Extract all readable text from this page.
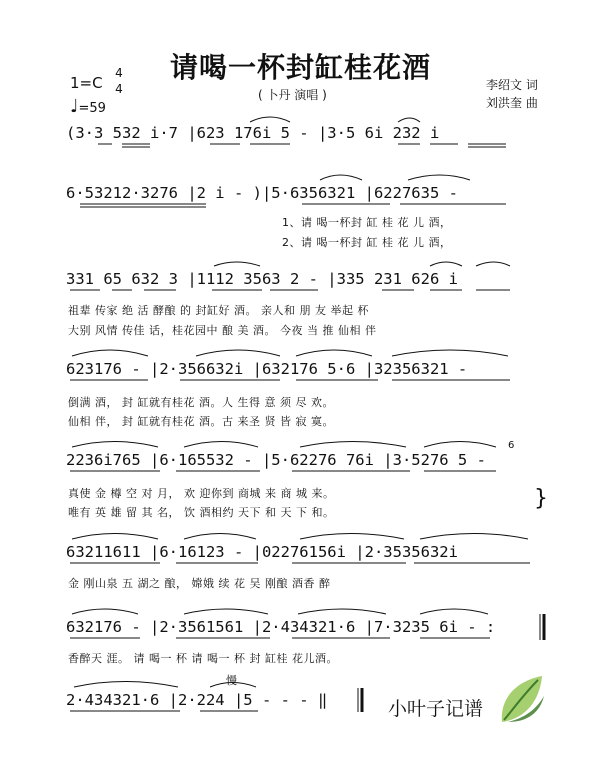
请喝一杯封缸桂花酒
( 卜丹 演唱 )
李绍文 词
刘洪奎 曲
1=C
4
4
♩=59
(3·3 532 i·7 |623 176i 5 - |3·5 6i 232 i
6·53212·3276 |2 i - )|5·6356321 |6227635 -
331 65 632 3 |1112 3563 2 - |335 231 626 i
623176 - |2·356632i |632176 5·6 |32356321 -
2236i765 |6·165532 - |5·62276 76i |3·5276 5 -
63211611 |6·16123 - |02276156i |2·3535632i
632176 - |2·3561561 |2·434321·6 |7·3235 6i - :
2·434321·6 |2·224 |5 - - - ‖
1、请 喝一杯封 缸 桂 花 儿 酒，
2、请 喝一杯封 缸 桂 花 儿 酒，
祖辈 传家 绝 活 酵酿 的 封缸好 酒。 亲人和 朋 友 举起 杯
大别 风情 传佳 话，桂花园中 酿 美 酒。 今夜 当 推 仙相 伴
倒满 酒， 封 缸就有桂花 酒。人 生得 意 须 尽 欢。
仙相 伴， 封 缸就有桂花 酒。古 来圣 贤 皆 寂 寞。
真使 金 樽 空 对 月， 欢 迎你到 商城 来 商 城 来。
唯有 英 雄 留 其 名， 饮 酒相约 天下 和 天 下 和。
金 刚山泉 五 湖之 酿， 嫦娥 续 花 吴 刚酿 酒香 醉
香醉天 涯。 请 喝一 杯 请 喝一 杯 封 缸桂 花儿酒。
}
慢
6
小叶子记谱
